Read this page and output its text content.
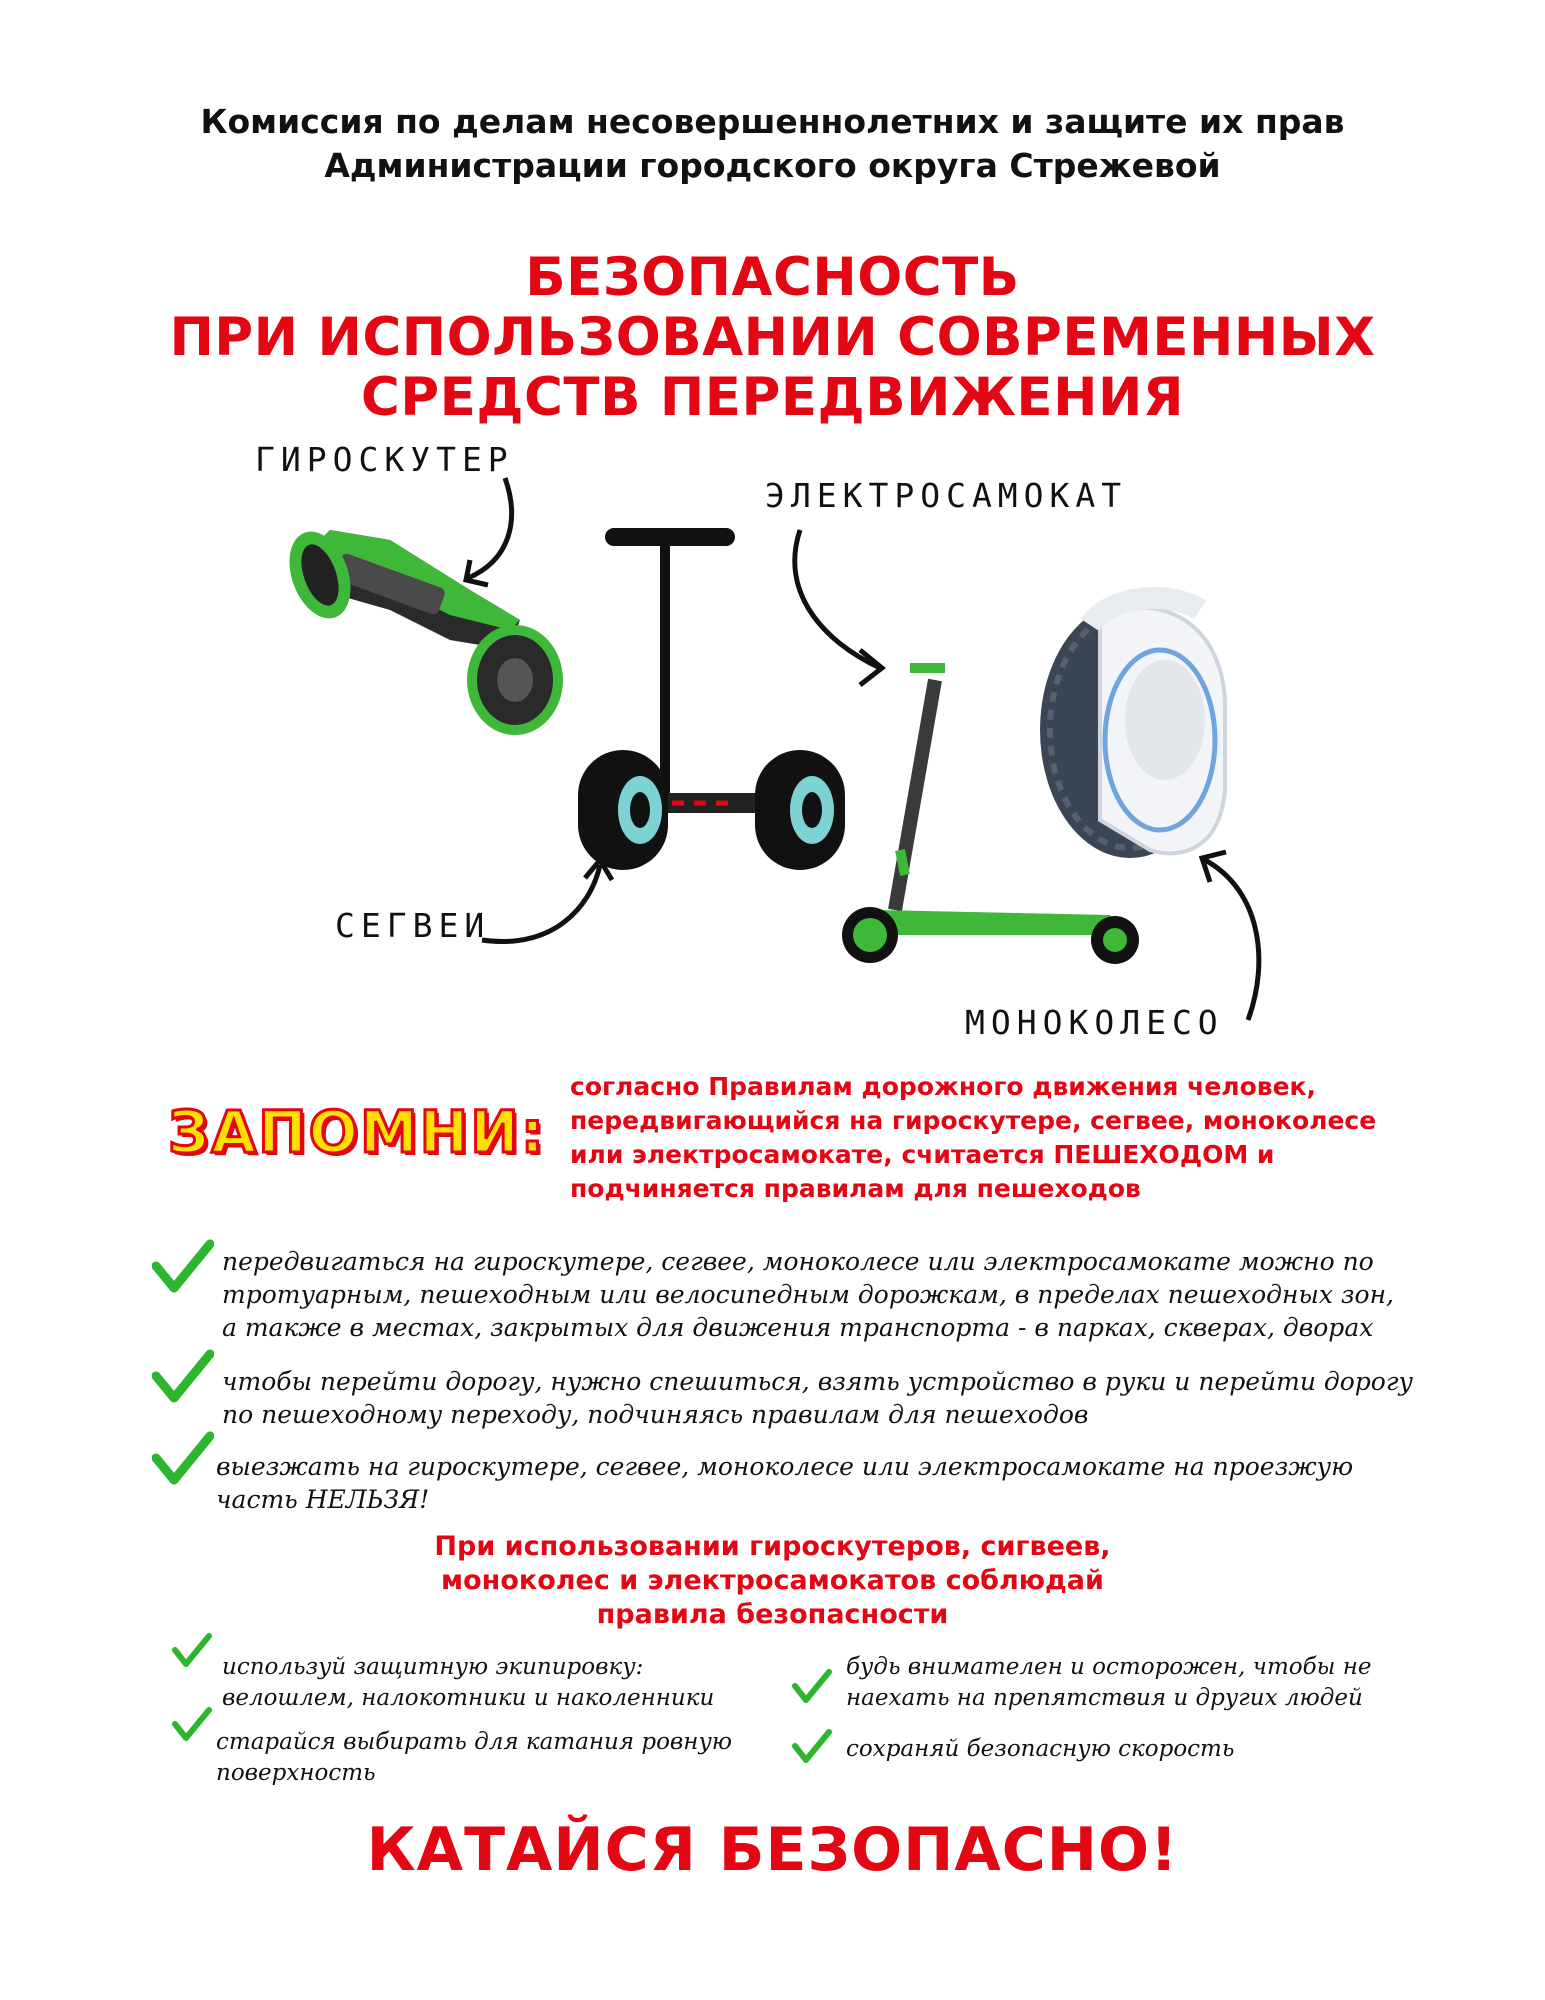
Комиссия по делам несовершеннолетних и защите их прав
Администрации городского округа Стрежевой
БЕЗОПАСНОСТЬ
ПРИ ИСПОЛЬЗОВАНИИ СОВРЕМЕННЫХ
СРЕДСТВ ПЕРЕДВИЖЕНИЯ
ГИРОСКУТЕР
ЭЛЕКТРОСАМОКАТ
СЕГВЕИ
МОНОКОЛЕСО
ЗАПОМНИ:
согласно Правилам дорожного движения человек,
передвигающийся на гироскутере, сегвее, моноколесе
или электросамокате, считается ПЕШЕХОДОМ и
подчиняется правилам для пешеходов
передвигаться на гироскутере, сегвее, моноколесе или электросамокате можно по
тротуарным, пешеходным или велосипедным дорожкам, в пределах пешеходных зон,
а также в местах, закрытых для движения транспорта - в парках, скверах, дворах
чтобы перейти дорогу, нужно спешиться, взять устройство в руки и перейти дорогу
по пешеходному переходу, подчиняясь правилам для пешеходов
выезжать на гироскутере, сегвее, моноколесе или электросамокате на проезжую
часть НЕЛЬЗЯ!
При использовании гироскутеров, сигвеев,
моноколес и электросамокатов соблюдай
правила безопасности
используй защитную экипировку:
велошлем, налокотники и наколенники
старайся выбирать для катания ровную
поверхность
будь внимателен и осторожен, чтобы не
наехать на препятствия и других людей
сохраняй безопасную скорость
КАТАЙСЯ БЕЗОПАСНО!
